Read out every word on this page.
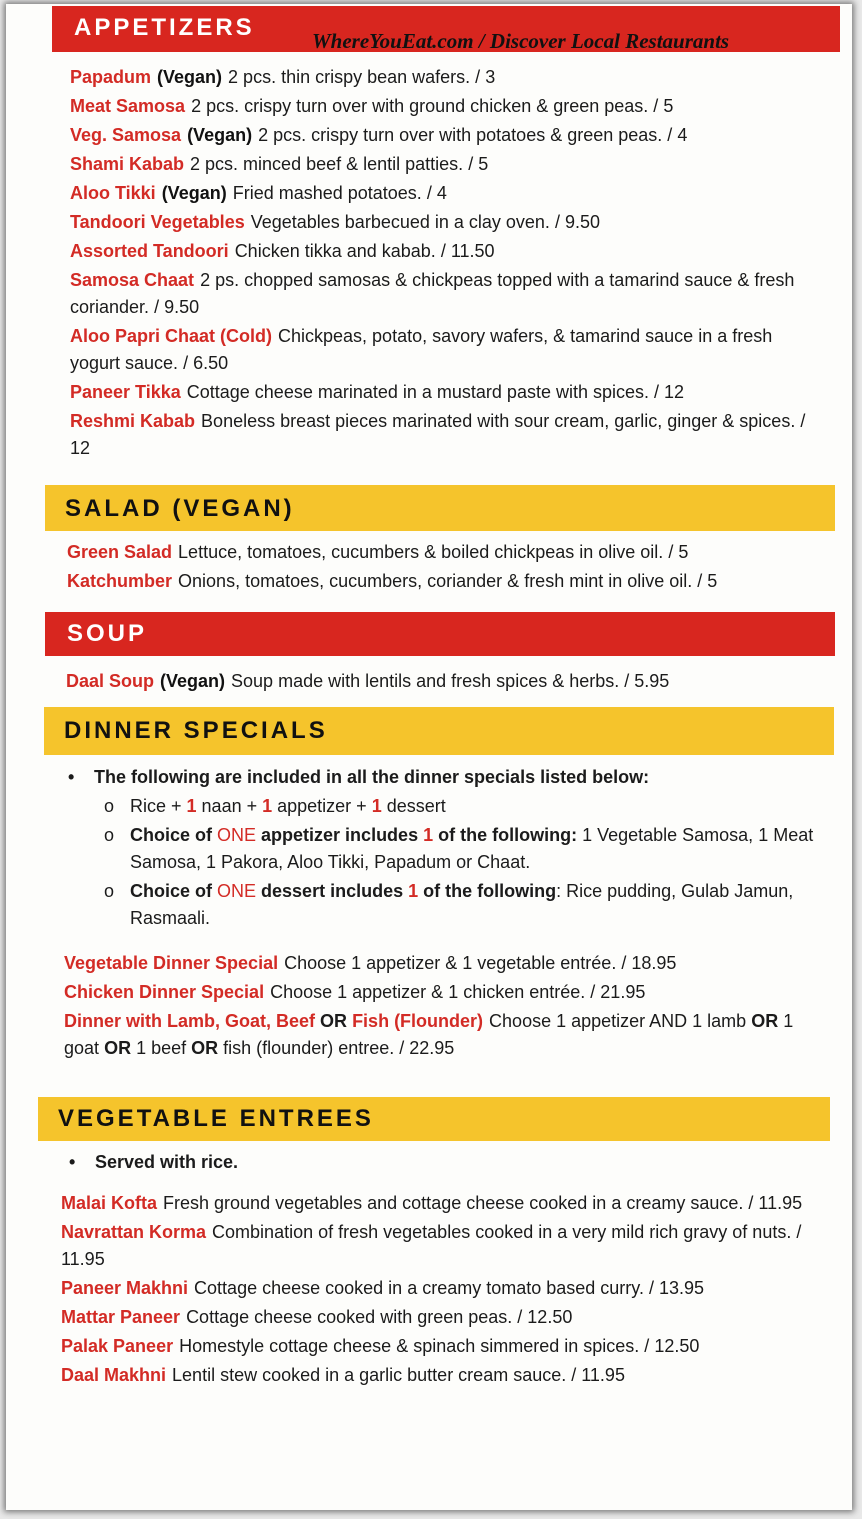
APPETIZERS	WhereYouEat.com / Discover Local Restaurants
Papadum (Vegan) 2 pcs. thin crispy bean wafers. / 3
Meat Samosa 2 pcs. crispy turn over with ground chicken & green peas. / 5
Veg. Samosa (Vegan) 2 pcs. crispy turn over with potatoes & green peas. / 4
Shami Kabab 2 pcs. minced beef & lentil patties. / 5
Aloo Tikki (Vegan) Fried mashed potatoes. / 4
Tandoori Vegetables Vegetables barbecued in a clay oven. / 9.50
Assorted Tandoori Chicken tikka and kabab. / 11.50
Samosa Chaat 2 ps. chopped samosas & chickpeas topped with a tamarind sauce & fresh coriander. / 9.50
Aloo Papri Chaat (Cold) Chickpeas, potato, savory wafers, & tamarind sauce in a fresh yogurt sauce. / 6.50
Paneer Tikka Cottage cheese marinated in a mustard paste with spices. / 12
Reshmi Kabab Boneless breast pieces marinated with sour cream, garlic, ginger & spices./ 12
SALAD (VEGAN)
Green Salad Lettuce, tomatoes, cucumbers & boiled chickpeas in olive oil. / 5
Katchumber Onions, tomatoes, cucumbers, coriander & fresh mint in olive oil. / 5
SOUP
Daal Soup (Vegan) Soup made with lentils and fresh spices & herbs. / 5.95
DINNER SPECIALS
• The following are included in all the dinner specials listed below:
o Rice + 1 naan + 1 appetizer + 1 dessert
o Choice of ONE appetizer includes 1 of the following: 1 Vegetable Samosa, 1 Meat Samosa, 1 Pakora, Aloo Tikki, Papadum or Chaat.
o Choice of ONE dessert includes 1 of the following: Rice pudding, Gulab Jamun, Rasmaali.
Vegetable Dinner Special Choose 1 appetizer & 1 vegetable entrée. / 18.95
Chicken Dinner Special Choose 1 appetizer & 1 chicken entrée. / 21.95
Dinner with Lamb, Goat, Beef OR Fish (Flounder) Choose 1 appetizer AND 1 lamb OR 1 goat OR 1 beef OR fish (flounder) entree. / 22.95
VEGETABLE ENTREES
• Served with rice.
Malai Kofta Fresh ground vegetables and cottage cheese cooked in a creamy sauce. / 11.95
Navrattan Korma Combination of fresh vegetables cooked in a very mild rich gravy of nuts./ 11.95
Paneer Makhni Cottage cheese cooked in a creamy tomato based curry. / 13.95
Mattar Paneer Cottage cheese cooked with green peas. / 12.50
Palak Paneer Homestyle cottage cheese & spinach simmered in spices. / 12.50
Daal Makhni Lentil stew cooked in a garlic butter cream sauce. / 11.95
